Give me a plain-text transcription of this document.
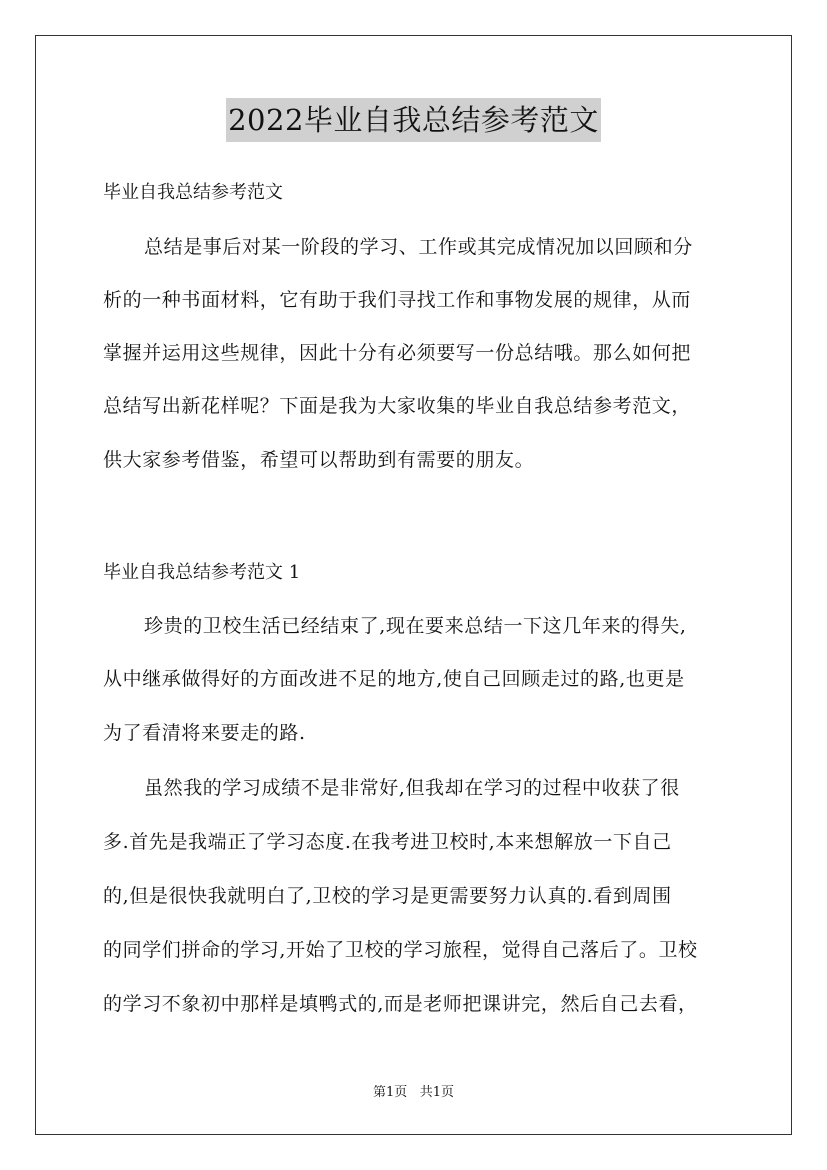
2022毕业自我总结参考范文
毕业自我总结参考范文
总结是事后对某一阶段的学习、工作或其完成情况加以回顾和分
析的一种书面材料，它有助于我们寻找工作和事物发展的规律，从而
掌握并运用这些规律，因此十分有必须要写一份总结哦。那么如何把
总结写出新花样呢？下面是我为大家收集的毕业自我总结参考范文，
供大家参考借鉴，希望可以帮助到有需要的朋友。
毕业自我总结参考范文 1
珍贵的卫校生活已经结束了,现在要来总结一下这几年来的得失,
从中继承做得好的方面改进不足的地方,使自己回顾走过的路,也更是
为了看清将来要走的路.
虽然我的学习成绩不是非常好,但我却在学习的过程中收获了很
多.首先是我端正了学习态度.在我考进卫校时,本来想解放一下自己
的,但是很快我就明白了,卫校的学习是更需要努力认真的.看到周围
的同学们拼命的学习,开始了卫校的学习旅程，觉得自己落后了。卫校
的学习不象初中那样是填鸭式的,而是老师把课讲完，然后自己去看，
第1页 共1页
